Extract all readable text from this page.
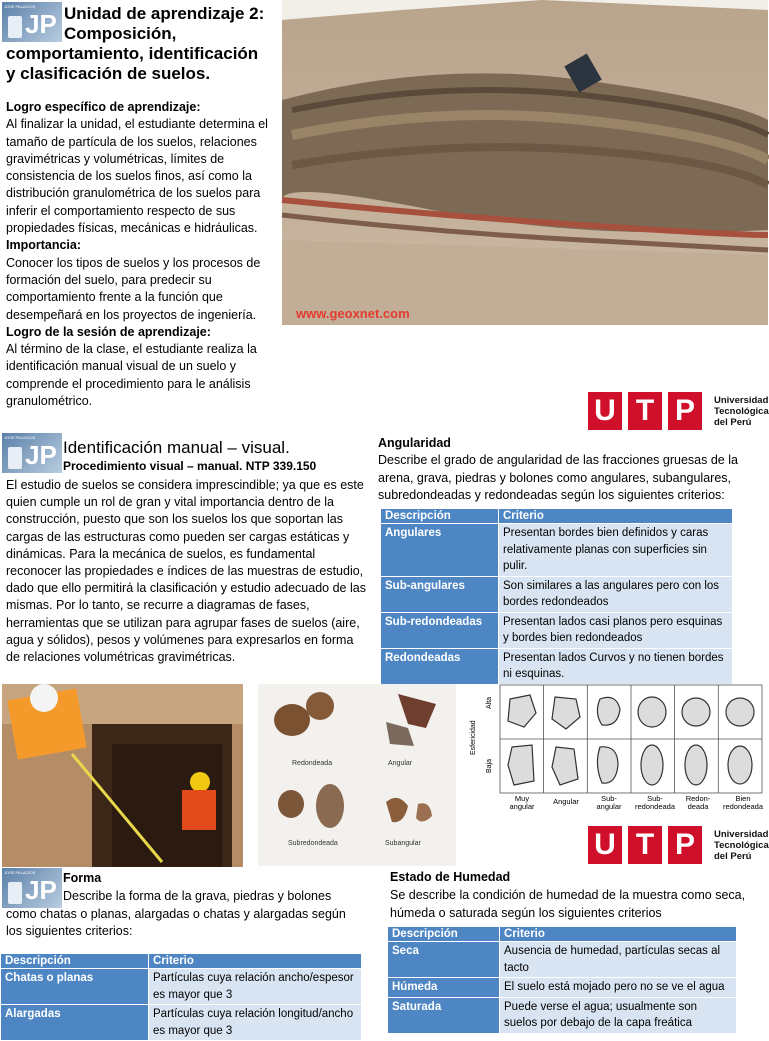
JOSE PALACIOS
JP Unidad de aprendizaje 2:
Composición,
comportamiento, identificación
y clasificación de suelos.
Logro específico de aprendizaje:
Al finalizar la unidad, el estudiante determina el tamaño de partícula de los suelos, relaciones gravimétricas y volumétricas, límites de consistencia de los suelos finos, así como la distribución granulométrica de los suelos para inferir el comportamiento respecto de sus propiedades físicas, mecánicas e hidráulicas.
Importancia:
Conocer los tipos de suelos y los procesos de formación del suelo, para predecir su comportamiento frente a la función que desempeñará en los proyectos de ingeniería.
Logro de la sesión de aprendizaje:
Al término de la clase, el estudiante realiza la identificación manual visual de un suelo y comprende el procedimiento para le análisis granulométrico.
www.geoxnet.com
U T P	Universidad
Tecnológica
del Perú
JOSE PALACIOS
JP Identificación manual – visual.
Procedimiento visual – manual. NTP 339.150
El estudio de suelos se considera imprescindible; ya que es este quien cumple un rol de gran y vital importancia dentro de la construcción, puesto que son los suelos los que soportan las cargas de las estructuras como pueden ser cargas estáticas y dinámicas. Para la mecánica de suelos, es fundamental reconocer las propiedades e índices de las muestras de estudio, dado que ello permitirá la clasificación y estudio adecuado de las mismas. Por lo tanto, se recurre a diagramas de fases, herramientas que se utilizan para agrupar fases de suelos (aire, agua y sólidos), pesos y volúmenes para expresarlos en forma de relaciones volumétricas gravimétricas.
Angularidad
Describe el grado de angularidad de las fracciones gruesas de la arena, grava, piedras y bolones como angulares, subangulares, subredondeadas y redondeadas según los siguientes criterios:
Descripción	Criterio
Angulares	Presentan bordes bien definidos y caras relativamente planas con superficies sin pulir.
Sub-angulares	Son similares a las angulares pero con los bordes redondeados
Sub-redondeadas	Presentan lados casi planos pero esquinas y bordes bien redondeados
Redondeadas	Presentan lados Curvos y no tienen bordes ni esquinas.
Redondeada	Angular
Subredondeada	Subangular
Esfericidad
Alta
Baja
Muy angular
Angular	Sub-angular
Sub-redondeada
Redon-deada
Bien redondeada
U T P	Universidad
Tecnológica
del Perú
JOSE PALACIOS
JP Forma
Describe la forma de la grava, piedras y bolones como chatas o planas, alargadas o chatas y alargadas según los siguientes criterios:
Descripción	Criterio
Chatas o planas	Partículas cuya relación ancho/espesor es mayor que 3
Alargadas	Partículas cuya relación longitud/ancho es mayor que 3
Estado de Humedad
Se describe la condición de humedad de la muestra como seca, húmeda o saturada según los siguientes criterios
Descripción	Criterio
Seca	Ausencia de humedad, partículas secas al tacto
Húmeda	El suelo está mojado pero no se ve el agua
Saturada	Puede verse el agua; usualmente son suelos por debajo de la capa freática
